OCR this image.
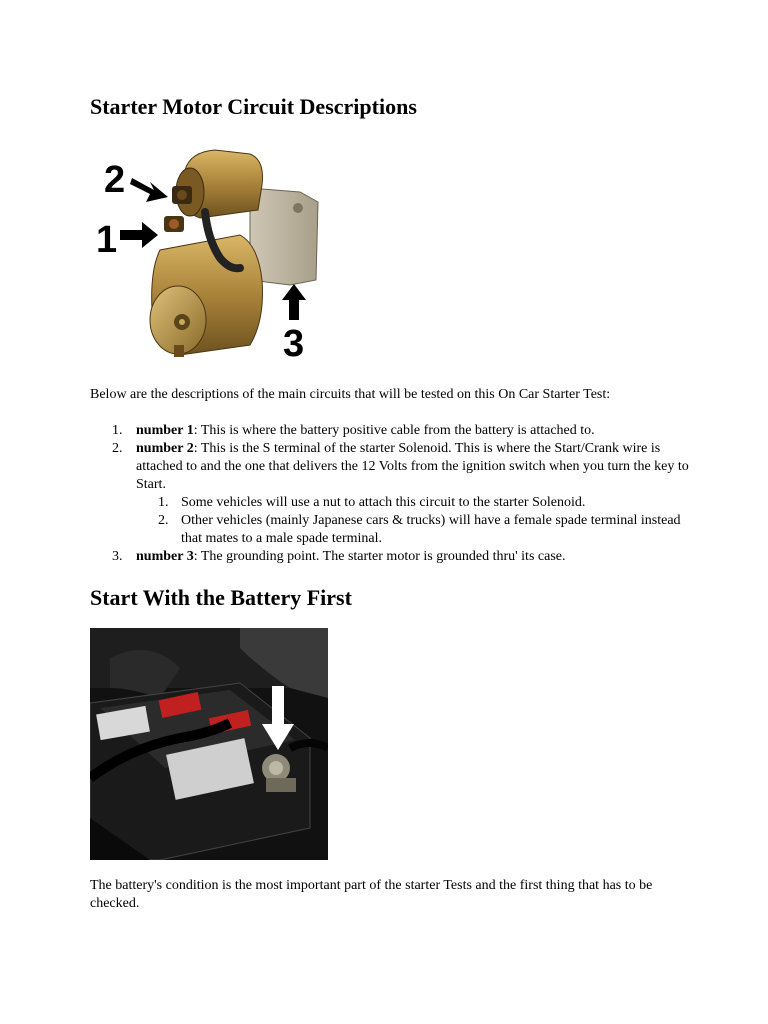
Starter Motor Circuit Descriptions
2
1
3

Below are the descriptions of the main circuits that will be tested on this On Car Starter Test:

1. number 1: This is where the battery positive cable from the battery is attached to.
2. number 2: This is the S terminal of the starter Solenoid. This is where the Start/Crank wire is attached to and the one that delivers the 12 Volts from the ignition switch when you turn the key to Start.
1. Some vehicles will use a nut to attach this circuit to the starter Solenoid.
2. Other vehicles (mainly Japanese cars & trucks) will have a female spade terminal instead that mates to a male spade terminal.
3. number 3: The grounding point. The starter motor is grounded thru' its case.
Start With the Battery First

The battery's condition is the most important part of the starter Tests and the first thing that has to be checked.
